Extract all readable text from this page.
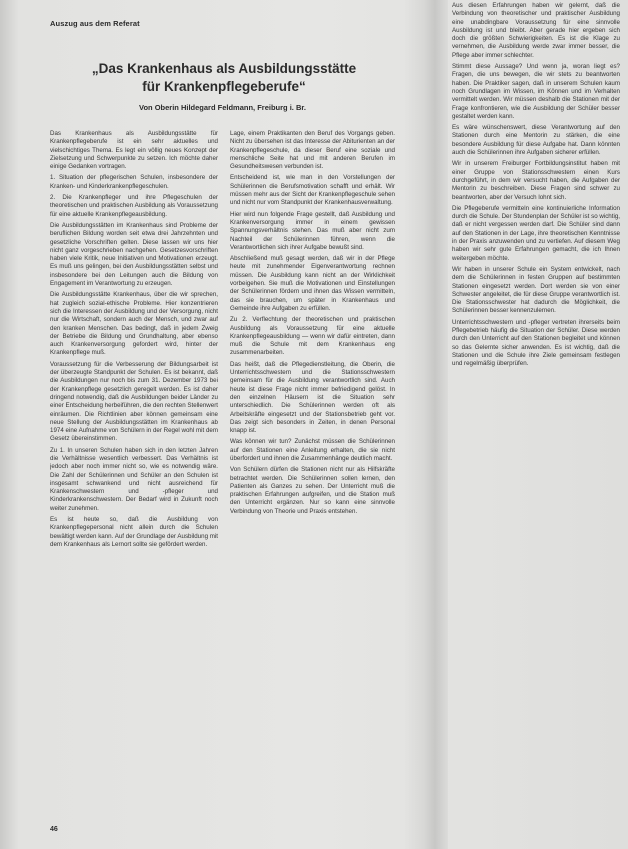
Auszug aus dem Referat
„Das Krankenhaus als Ausbildungsstätte
für Krankenpflegeberufe“
Von Oberin Hildegard Feldmann, Freiburg i. Br.

Das Krankenhaus als Ausbildungsstätte für Krankenpflegeberufe ist ein sehr aktuelles und vielschichtiges Thema. Es legt ein völlig neues Konzept der Zielsetzung und Schwerpunkte zu setzen. Ich möchte daher einige Gedanken vortragen.

1. Situation der pflegerischen Schulen, insbesondere der Kranken- und Kinderkrankenpflegeschulen.

2. Die Krankenpfleger und ihre Pflegeschulen der theoretischen und praktischen Ausbildung als Voraussetzung für eine aktuelle Krankenpflegeausbildung.

Die Ausbildungsstätten im Krankenhaus sind Probleme der beruflichen Bildung worden seit etwa drei Jahrzehnten und gesetzliche Vorschriften gelten. Diese lassen wir uns hier nicht ganz vorgeschrieben nachgehen. Gesetzesvorschriften haben viele Kritik, neue Initiativen und Motivationen erzeugt. Es muß uns gelingen, bei den Ausbildungsstätten selbst und insbesondere bei den Leitungen auch die Bildung von Engagement im Verantwortung zu erzeugen.

Die Ausbildungsstätte Krankenhaus, über die wir sprechen, hat zugleich sozial-ethische Probleme. Hier konzentrieren sich die Interessen der Ausbildung und der Versorgung, nicht nur die Wirtschaft, sondern auch der Mensch, und zwar auf den kranken Menschen. Das bedingt, daß in jedem Zweig der Betriebe die Bildung und Grundhaltung, aber ebenso auch Krankenversorgung gefordert wird, hinter der Krankenpflege muß.

Voraussetzung für die Verbesserung der Bildungsarbeit ist der überzeugte Standpunkt der Schulen. Es ist bekannt, daß die Ausbildungen nur noch bis zum 31. Dezember 1973 bei der Krankenpflege gesetzlich geregelt werden. Es ist daher dringend notwendig, daß die Ausbildungen beider Länder zu einer Entscheidung herbeiführen, die den rechten Stellenwert einräumen. Die Richtlinien aber können gemeinsam eine neue Stellung der Ausbildungsstätten im Krankenhaus ab 1974 eine Aufnahme von Schülern in der Regel wohl mit dem Gesetz übereinstimmen.

Zu 1. In unseren Schulen haben sich in den letzten Jahren die Verhältnisse wesentlich verbessert. Das Verhältnis ist jedoch aber noch immer nicht so, wie es notwendig wäre. Die Zahl der Schülerinnen und Schüler an den Schulen ist insgesamt schwankend und nicht ausreichend für Krankenschwestern und -pfleger und Kinderkrankenschwestern. Der Bedarf wird in Zukunft noch weiter zunehmen.

Es ist heute so, daß die Ausbildung von Krankenpflegepersonal nicht allein durch die Schulen bewältigt werden kann. Auf der Grundlage der Ausbildung mit dem Krankenhaus als Lernort sollte sie gefördert werden.

Lage, einem Praktikanten den Beruf des Vorgangs geben. Nicht zu übersehen ist das Interesse der Abiturienten an der Krankenpflegeschule, da dieser Beruf eine soziale und menschliche Seite hat und mit anderen Berufen im Gesundheitswesen verbunden ist.

Entscheidend ist, wie man in den Vorstellungen der Schülerinnen die Berufsmotivation schafft und erhält. Wir müssen mehr aus der Sicht der Krankenpflegeschule sehen und nicht nur vom Standpunkt der Krankenhausverwaltung.

Hier wird nun folgende Frage gestellt, daß Ausbildung und Krankenversorgung immer in einem gewissen Spannungsverhältnis stehen. Das muß aber nicht zum Nachteil der Schülerinnen führen, wenn die Verantwortlichen sich ihrer Aufgabe bewußt sind.

Abschließend muß gesagt werden, daß wir in der Pflege heute mit zunehmender Eigenverantwortung rechnen müssen. Die Ausbildung kann nicht an der Wirklichkeit vorbeigehen. Sie muß die Motivationen und Einstellungen der Schülerinnen fördern und ihnen das Wissen vermitteln, das sie brauchen, um später in Krankenhaus und Gemeinde ihre Aufgaben zu erfüllen.

Zu 2. Verflechtung der theoretischen und praktischen Ausbildung als Voraussetzung für eine aktuelle Krankenpflegeausbildung — wenn wir dafür eintreten, dann muß die Schule mit dem Krankenhaus eng zusammenarbeiten.

Das heißt, daß die Pflegedienstleitung, die Oberin, die Unterrichtsschwestern und die Stationsschwestern gemeinsam für die Ausbildung verantwortlich sind. Auch heute ist diese Frage nicht immer befriedigend gelöst. In den einzelnen Häusern ist die Situation sehr unterschiedlich. Die Schülerinnen werden oft als Arbeitskräfte eingesetzt und der Stationsbetrieb geht vor. Das zeigt sich besonders in Zeiten, in denen Personal knapp ist.

Was können wir tun? Zunächst müssen die Schülerinnen auf den Stationen eine Anleitung erhalten, die sie nicht überfordert und ihnen die Zusammenhänge deutlich macht.

Von Schülern dürfen die Stationen nicht nur als Hilfskräfte betrachtet werden. Die Schülerinnen sollen lernen, den Patienten als Ganzes zu sehen. Der Unterricht muß die praktischen Erfahrungen aufgreifen, und die Station muß den Unterricht ergänzen. Nur so kann eine sinnvolle Verbindung von Theorie und Praxis entstehen.

Aus diesen Erfahrungen haben wir gelernt, daß die Verbindung von theoretischer und praktischer Ausbildung eine unabdingbare Voraussetzung für eine sinnvolle Ausbildung ist und bleibt. Aber gerade hier ergeben sich doch die größten Schwierigkeiten. Es ist die Klage zu vernehmen, die Ausbildung werde zwar immer besser, die Pflege aber immer schlechter.

Stimmt diese Aussage? Und wenn ja, woran liegt es? Fragen, die uns bewegen, die wir stets zu beantworten haben. Die Praktiker sagen, daß in unserem Schulen kaum noch Grundlagen im Wissen, im Können und im Verhalten vermittelt werden. Wir müssen deshalb die Stationen mit der Frage konfrontieren, wie die Ausbildung der Schüler besser gestaltet werden kann.

Es wäre wünschenswert, diese Verantwortung auf den Stationen durch eine Mentorin zu stärken, die eine besondere Ausbildung für diese Aufgabe hat. Dann könnten auch die Schülerinnen ihre Aufgaben sicherer erfüllen.

Wir in unserem Freiburger Fortbildungsinstitut haben mit einer Gruppe von Stationsschwestern einen Kurs durchgeführt, in dem wir versucht haben, die Aufgaben der Mentorin zu beschreiben. Diese Fragen sind schwer zu beantworten, aber der Versuch lohnt sich.

Die Pflegeberufe vermitteln eine kontinuierliche Information durch die Schule. Der Stundenplan der Schüler ist so wichtig, daß er nicht vergessen werden darf. Die Schüler sind dann auf den Stationen in der Lage, ihre theoretischen Kenntnisse in der Praxis anzuwenden und zu vertiefen. Auf diesem Weg haben wir sehr gute Erfahrungen gemacht, die ich Ihnen weitergeben möchte.

Wir haben in unserer Schule ein System entwickelt, nach dem die Schülerinnen in festen Gruppen auf bestimmten Stationen eingesetzt werden. Dort werden sie von einer Schwester angeleitet, die für diese Gruppe verantwortlich ist. Die Stationsschwester hat dadurch die Möglichkeit, die Schülerinnen besser kennenzulernen.

Unterrichtsschwestern und -pfleger vertreten ihrerseits beim Pflegebetrieb häufig die Situation der Schüler. Diese werden durch den Unterricht auf den Stationen begleitet und können so das Gelernte sicher anwenden. Es ist wichtig, daß die Stationen und die Schule ihre Ziele gemeinsam festlegen und regelmäßig überprüfen.

46
